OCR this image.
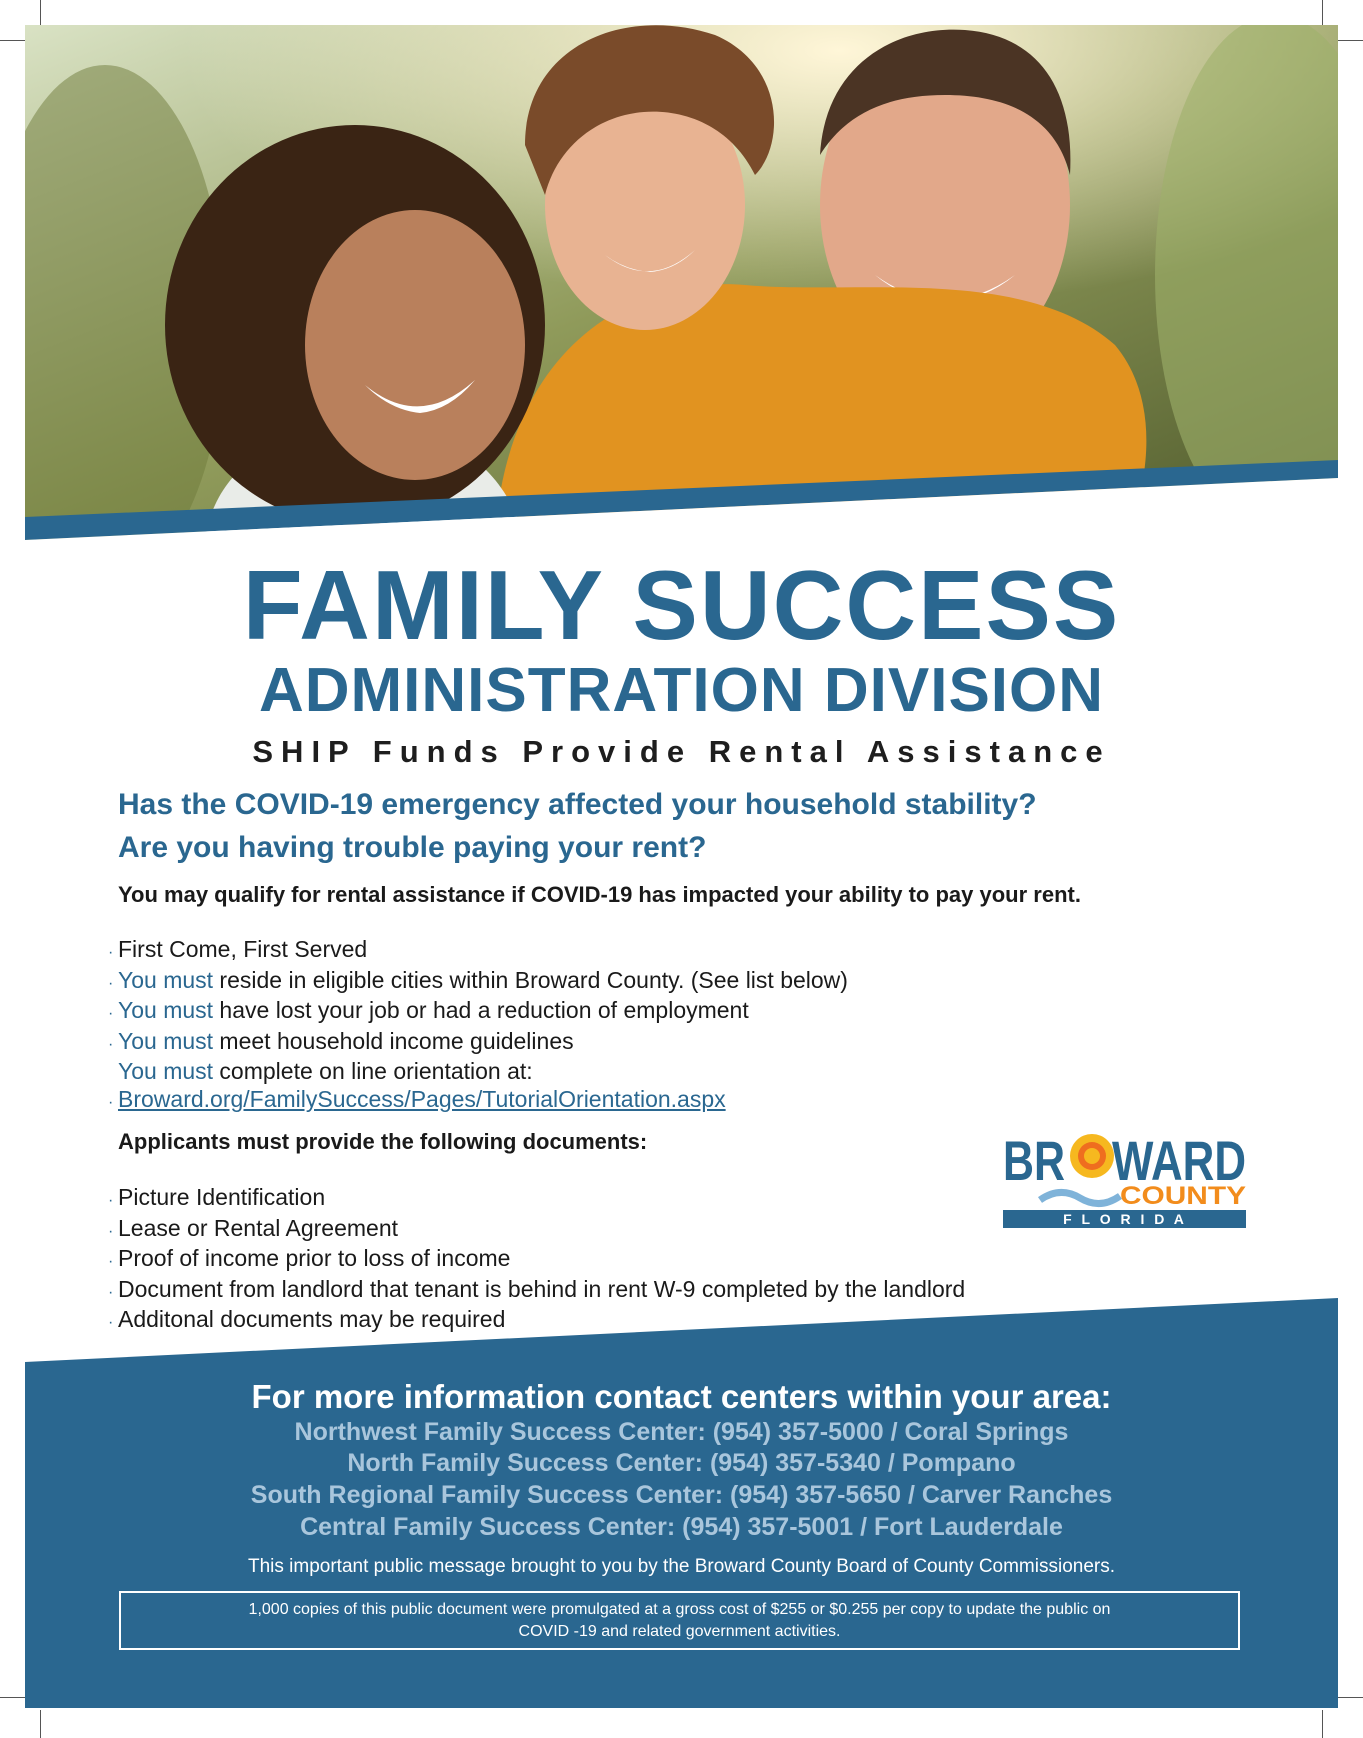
FAMILY SUCCESS
ADMINISTRATION DIVISION
SHIP Funds Provide Rental Assistance
Has the COVID-19 emergency affected your household stability?
Are you having trouble paying your rent?
You may qualify for rental assistance if COVID-19 has impacted your ability to pay your rent.
· First Come, First Served
· You must reside in eligible cities within Broward County. (See list below)
· You must have lost your job or had a reduction of employment
· You must meet household income guidelines
You must complete on line orientation at:
· Broward.org/FamilySuccess/Pages/TutorialOrientation.aspx
Applicants must provide the following documents:
· Picture Identification
· Lease or Rental Agreement
· Proof of income prior to loss of income
· Document from landlord that tenant is behind in rent W-9 completed by the landlord
· Additonal documents may be required
BR WARD
COUNTY
F L O R I D A
For more information contact centers within your area:
Northwest Family Success Center: (954) 357-5000 / Coral Springs
North Family Success Center: (954) 357-5340 / Pompano
South Regional Family Success Center: (954) 357-5650 / Carver Ranches
Central Family Success Center: (954) 357-5001 / Fort Lauderdale
This important public message brought to you by the Broward County Board of County Commissioners.
1,000 copies of this public document were promulgated at a gross cost of $255 or $0.255 per copy to update the public on
COVID -19 and related government activities.
